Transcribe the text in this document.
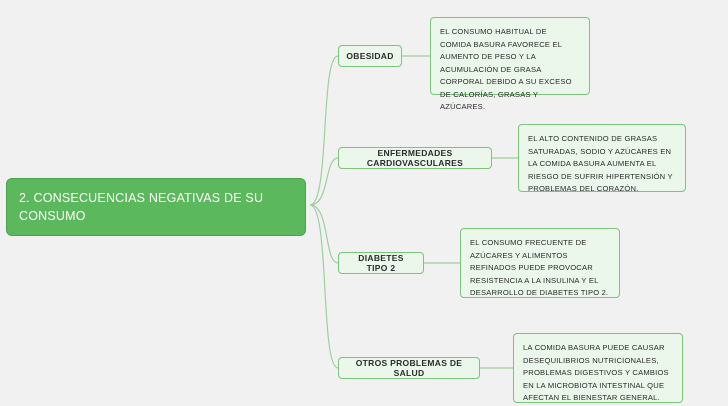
2. CONSECUENCIAS NEGATIVAS DE SU CONSUMO
OBESIDAD
EL CONSUMO HABITUAL DE COMIDA BASURA FAVORECE EL AUMENTO DE PESO Y LA ACUMULACIÓN DE GRASA CORPORAL DEBIDO A SU EXCESO DE CALORÍAS, GRASAS Y AZÚCARES.
ENFERMEDADES CARDIOVASCULARES
EL ALTO CONTENIDO DE GRASAS SATURADAS, SODIO Y AZÚCARES EN LA COMIDA BASURA AUMENTA EL RIESGO DE SUFRIR HIPERTENSIÓN Y PROBLEMAS DEL CORAZÓN.
DIABETES TIPO 2
EL CONSUMO FRECUENTE DE AZÚCARES Y ALIMENTOS REFINADOS PUEDE PROVOCAR RESISTENCIA A LA INSULINA Y EL DESARROLLO DE DIABETES TIPO 2.
OTROS PROBLEMAS DE SALUD
LA COMIDA BASURA PUEDE CAUSAR DESEQUILIBRIOS NUTRICIONALES, PROBLEMAS DIGESTIVOS Y CAMBIOS EN LA MICROBIOTA INTESTINAL QUE AFECTAN EL BIENESTAR GENERAL.
